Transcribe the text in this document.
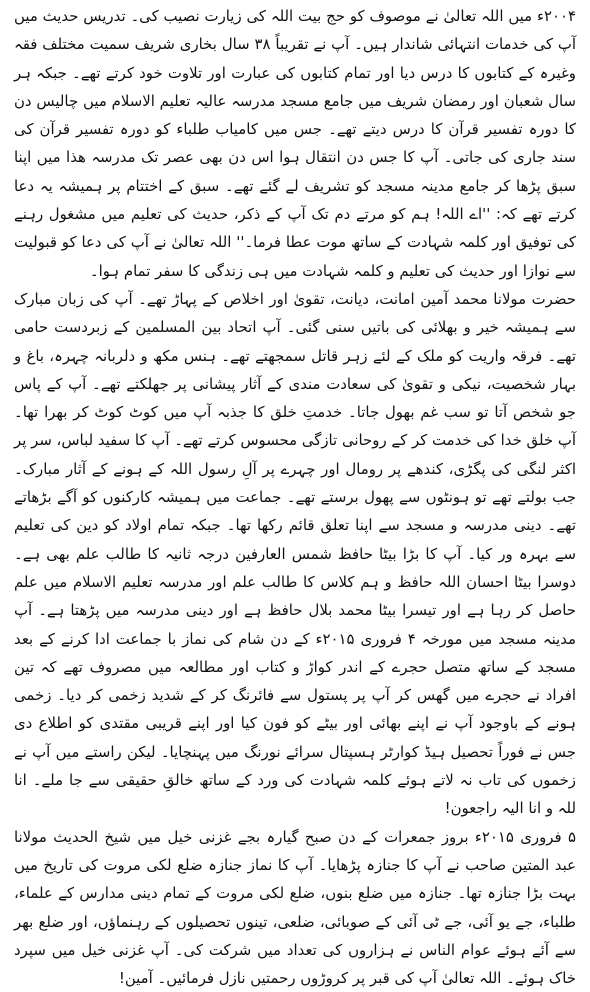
۲۰۰۴ء میں اللہ تعالیٰ نے موصوف کو حج بیت اللہ کی زیارت نصیب کی۔ تدریس حدیث میں آپ کی خدمات انتہائی شاندار ہیں۔ آپ نے تقریباً ۳۸ سال بخاری شریف سمیت مختلف فقہ وغیرہ کے کتابوں کا درس دیا اور تمام کتابوں کی عبارت اور تلاوت خود کرتے تھے۔ جبکہ ہر سال شعبان اور رمضان شریف میں جامع مسجد مدرسہ عالیہ تعلیم الاسلام میں چالیس دن کا دورہ تفسیر قرآن کا درس دیتے تھے۔ جس میں کامیاب طلباء کو دورہ تفسیر قرآن کی سند جاری کی جاتی۔ آپ کا جس دن انتقال ہوا اس دن بھی عصر تک مدرسہ ھذا میں اپنا سبق پڑھا کر جامع مدینہ مسجد کو تشریف لے گئے تھے۔ سبق کے اختتام پر ہمیشہ یہ دعا کرتے تھے کہ: ''اے اللہ! ہم کو مرتے دم تک آپ کے ذکر، حدیث کی تعلیم میں مشغول رہنے کی توفیق اور کلمہ شہادت کے ساتھ موت عطا فرما۔'' اللہ تعالیٰ نے آپ کی دعا کو قبولیت سے نوازا اور حدیث کی تعلیم و کلمہ شہادت میں ہی زندگی کا سفر تمام ہوا۔

حضرت مولانا محمد آمین امانت، دیانت، تقویٰ اور اخلاص کے پہاڑ تھے۔ آپ کی زبان مبارک سے ہمیشہ خیر و بھلائی کی باتیں سنی گئی۔ آپ اتحاد بین المسلمین کے زبردست حامی تھے۔ فرقہ واریت کو ملک کے لئے زہر قاتل سمجھتے تھے۔ ہنس مکھ و دلربانہ چہرہ، باغ و بہار شخصیت، نیکی و تقویٰ کی سعادت مندی کے آثار پیشانی پر جھلکتے تھے۔ آپ کے پاس جو شخص آتا تو سب غم بھول جاتا۔ خدمتِ خلق کا جذبہ آپ میں کوٹ کوٹ کر بھرا تھا۔ آپ خلق خدا کی خدمت کر کے روحانی تازگی محسوس کرتے تھے۔ آپ کا سفید لباس، سر پر اکثر لنگی کی پگڑی، کندھے پر رومال اور چہرے پر آلِ رسول اللہ کے ہونے کے آثار مبارک۔ جب بولتے تھے تو ہونٹوں سے پھول برستے تھے۔ جماعت میں ہمیشہ کارکنوں کو آگے بڑھاتے تھے۔ دینی مدرسہ و مسجد سے اپنا تعلق قائم رکھا تھا۔ جبکہ تمام اولاد کو دین کی تعلیم سے بہرہ ور کیا۔ آپ کا بڑا بیٹا حافظ شمس العارفین درجہ ثانیہ کا طالب علم بھی ہے۔ دوسرا بیٹا احسان اللہ حافظ و ہم کلاس کا طالب علم اور مدرسہ تعلیم الاسلام میں علم حاصل کر رہا ہے اور تیسرا بیٹا محمد بلال حافظ ہے اور دینی مدرسہ میں پڑھتا ہے۔ آپ مدینہ مسجد میں مورخہ ۴ فروری ۲۰۱۵ء کے دن شام کی نماز با جماعت ادا کرنے کے بعد مسجد کے ساتھ متصل حجرے کے اندر کواڑ و کتاب اور مطالعہ میں مصروف تھے کہ تین افراد نے حجرے میں گھس کر آپ پر پستول سے فائرنگ کر کے شدید زخمی کر دیا۔ زخمی ہونے کے باوجود آپ نے اپنے بھائی اور بیٹے کو فون کیا اور اپنے قریبی مقتدی کو اطلاع دی جس نے فوراً تحصیل ہیڈ کوارٹر ہسپتال سرائے نورنگ میں پہنچایا۔ لیکن راستے میں آپ نے زخموں کی تاب نہ لاتے ہوئے کلمہ شہادت کی ورد کے ساتھ خالقِ حقیقی سے جا ملے۔ انا للہ و انا الیہ راجعون!

۵ فروری ۲۰۱۵ء بروز جمعرات کے دن صبح گیارہ بجے غزنی خیل میں شیخ الحدیث مولانا عبد المتین صاحب نے آپ کا جنازہ پڑھایا۔ آپ کا نماز جنازہ ضلع لکی مروت کی تاریخ میں بہت بڑا جنازہ تھا۔ جنازہ میں ضلع بنوں، ضلع لکی مروت کے تمام دینی مدارس کے علماء، طلباء، جے یو آئی، جے ٹی آئی کے صوبائی، ضلعی، تینوں تحصیلوں کے رہنماؤں، اور ضلع بھر سے آئے ہوئے عوام الناس نے ہزاروں کی تعداد میں شرکت کی۔ آپ غزنی خیل میں سپرد خاک ہوئے۔ اللہ تعالیٰ آپ کی قبر پر کروڑوں رحمتیں نازل فرمائیں۔ آمین!
